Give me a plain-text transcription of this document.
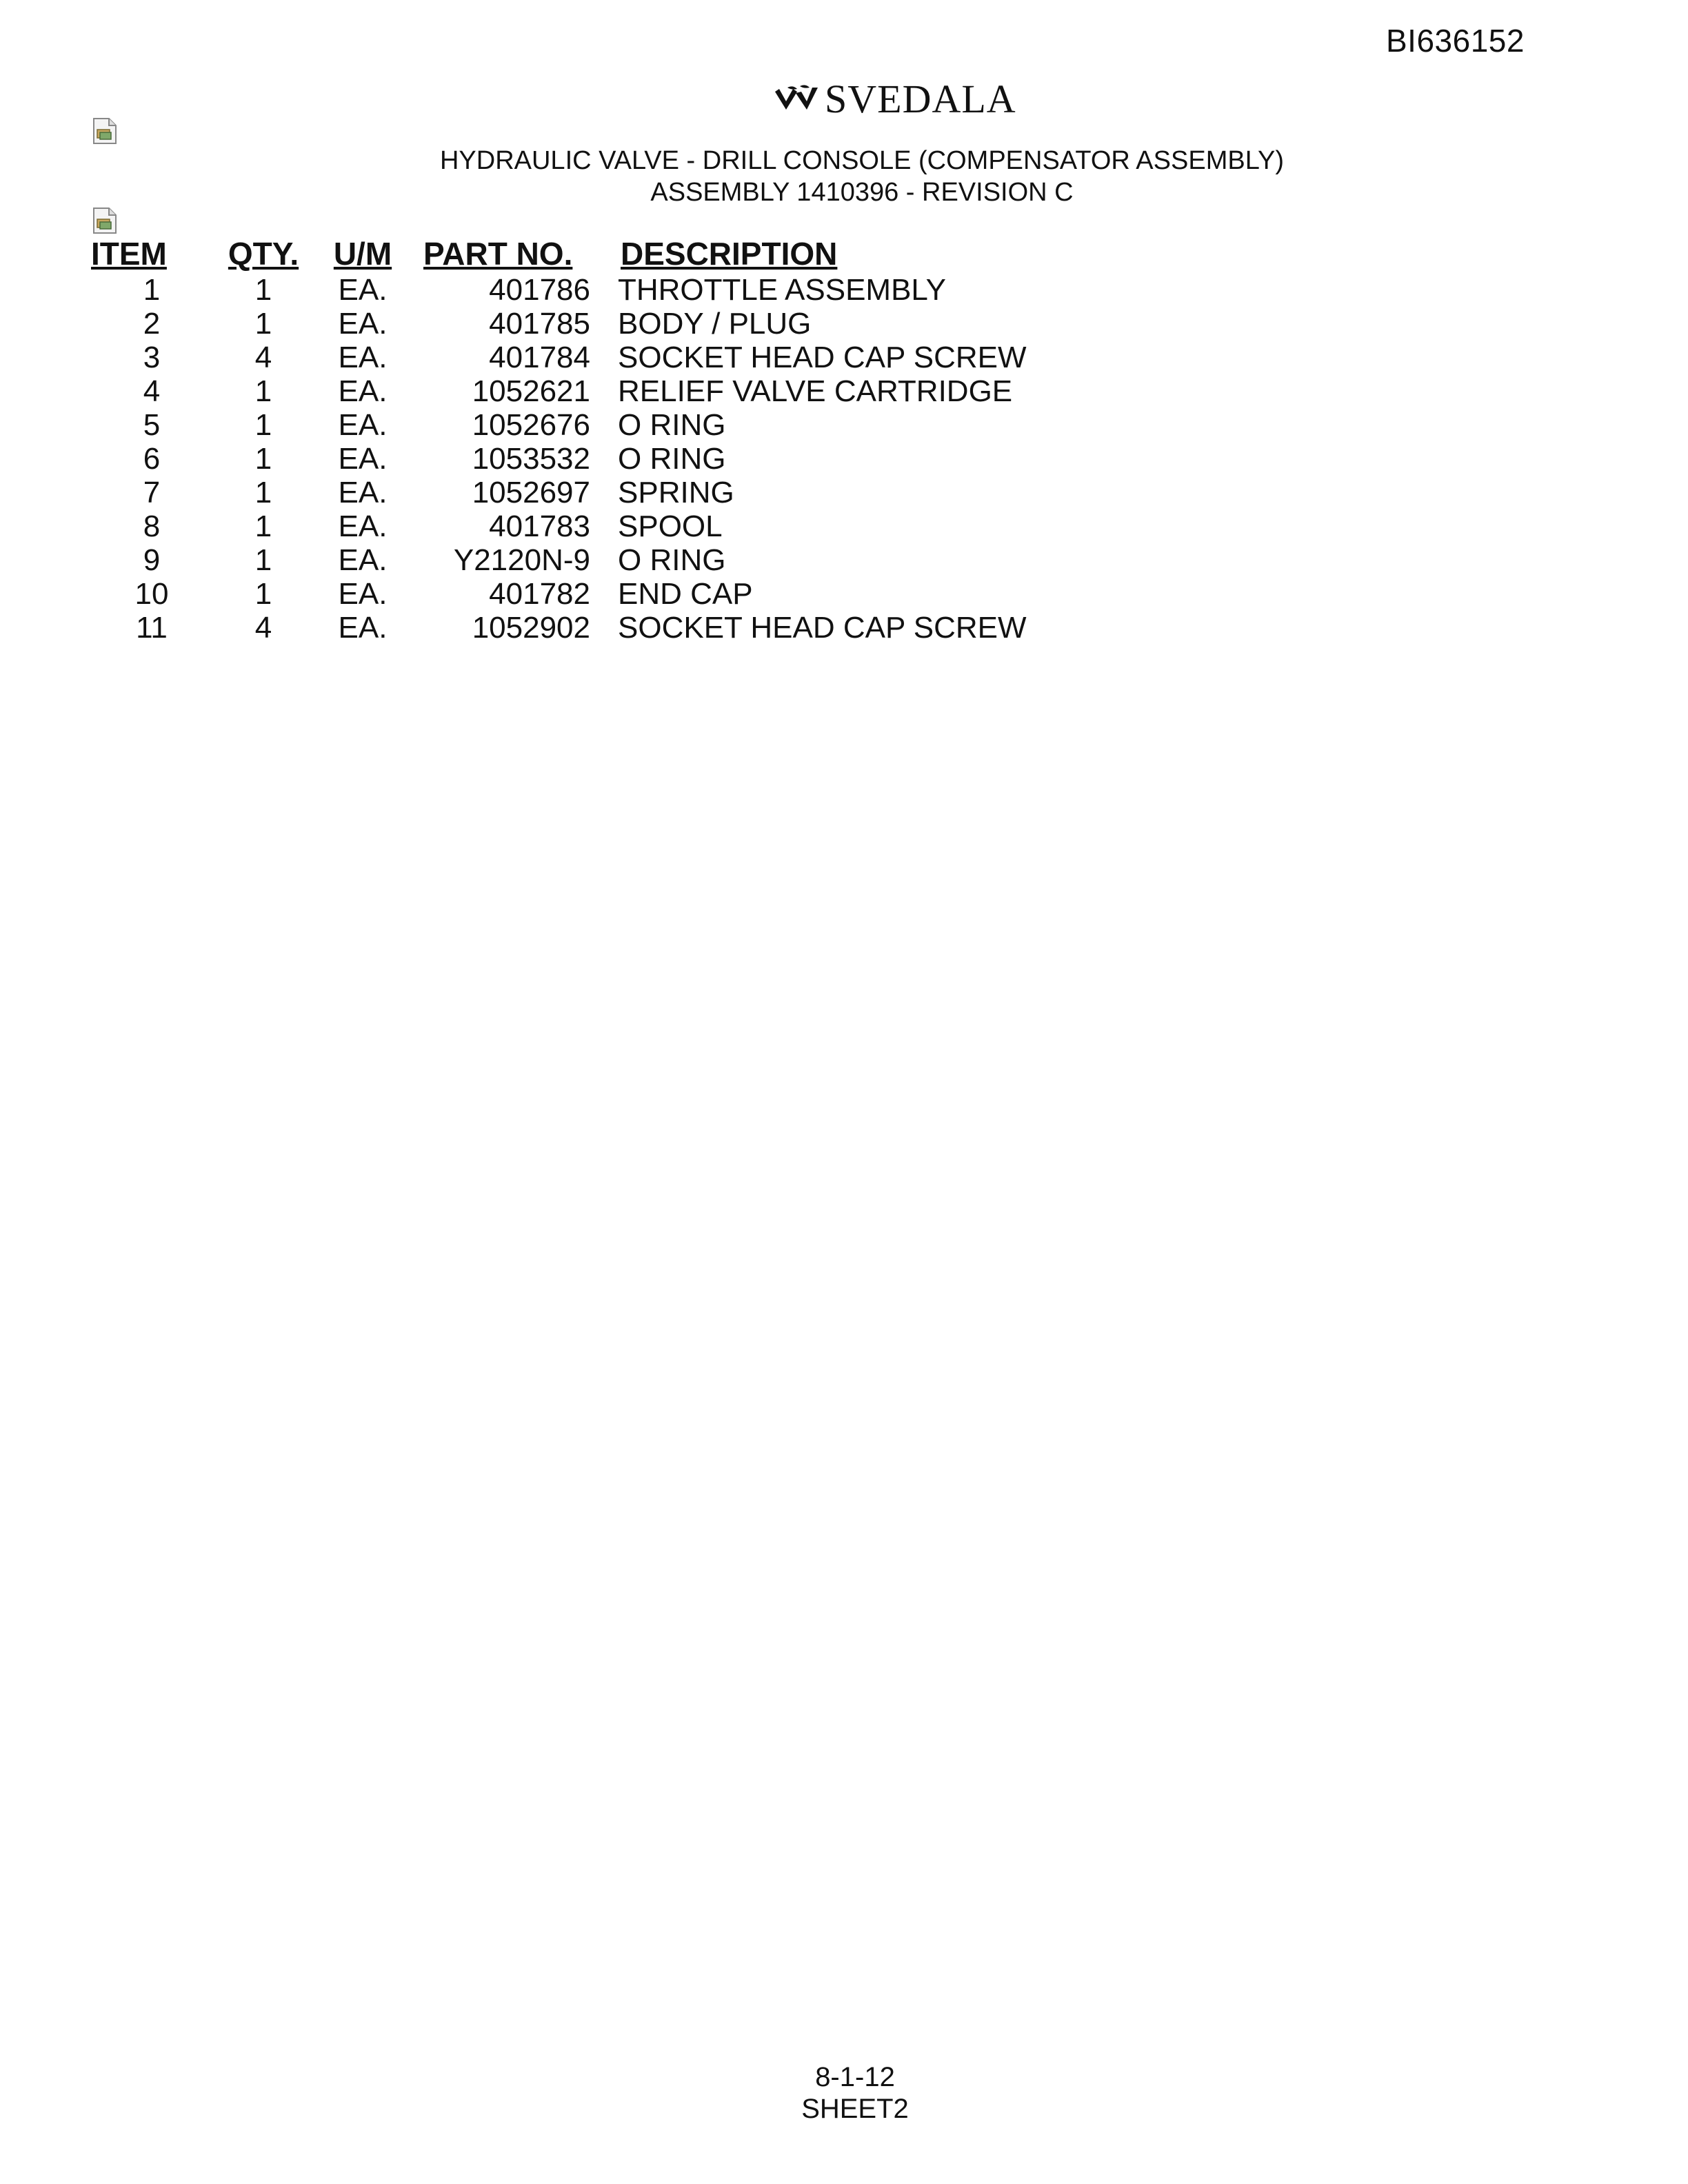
BI636152
SVEDALA
HYDRAULIC VALVE - DRILL CONSOLE (COMPENSATOR ASSEMBLY)
ASSEMBLY 1410396 - REVISION C
ITEM	QTY.	U/M	PART NO.	DESCRIPTION
1	1	EA.	401786	THROTTLE ASSEMBLY
2	1	EA.	401785	BODY / PLUG
3	4	EA.	401784	SOCKET HEAD CAP SCREW
4	1	EA.	1052621	RELIEF VALVE CARTRIDGE
5	1	EA.	1052676	O RING
6	1	EA.	1053532	O RING
7	1	EA.	1052697	SPRING
8	1	EA.	401783	SPOOL
9	1	EA.	Y2120N-9	O RING
10	1	EA.	401782	END CAP
11	4	EA.	1052902	SOCKET HEAD CAP SCREW
8-1-12
SHEET2
